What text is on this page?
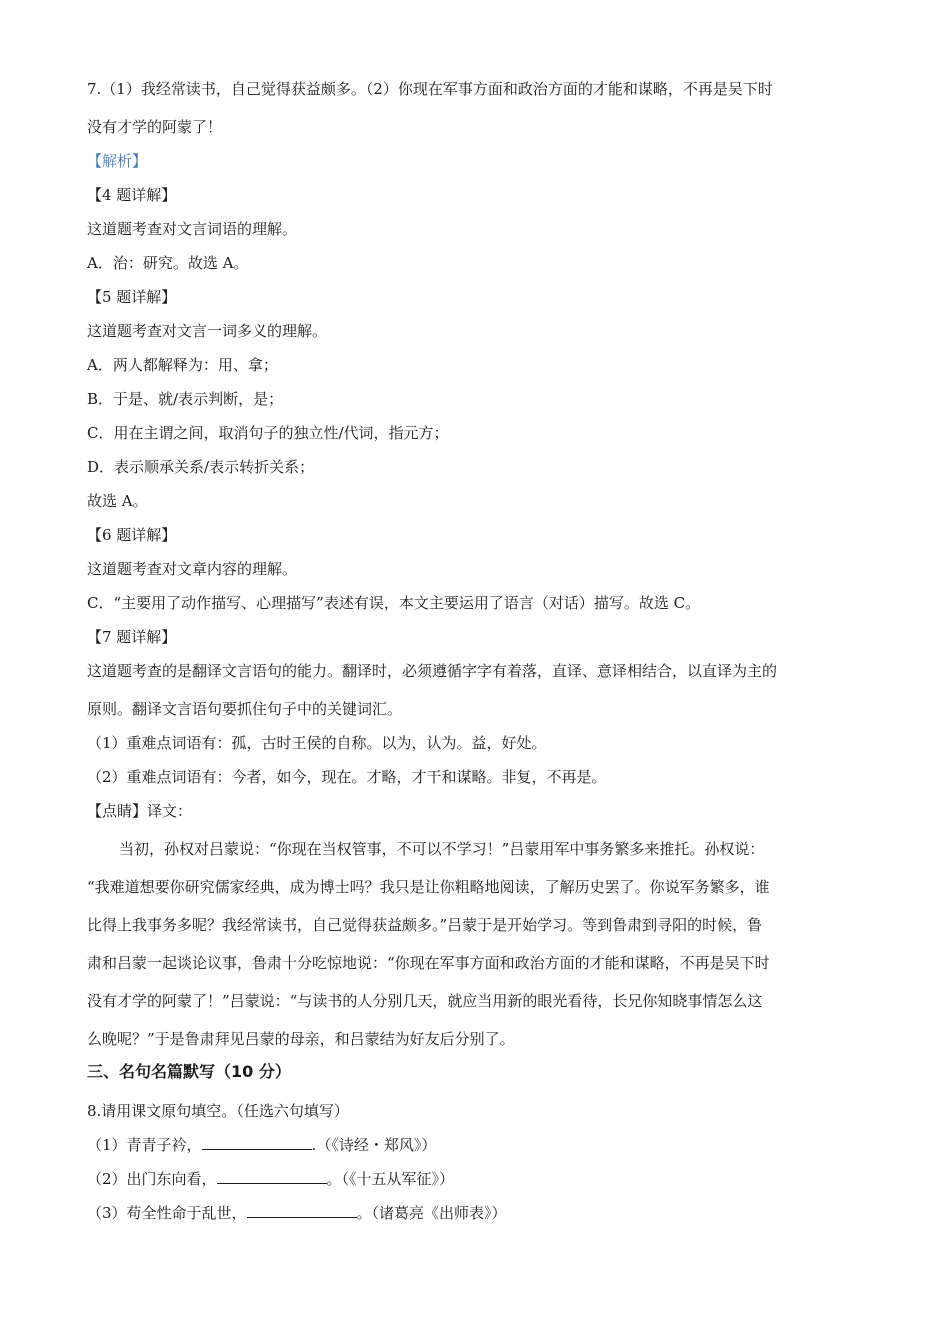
7.（1）我经常读书，自己觉得获益颇多。（2）你现在军事方面和政治方面的才能和谋略，不再是吴下时

没有才学的阿蒙了！

【解析】

【4 题详解】

这道题考查对文言词语的理解。

A．治：研究。故选 A。

【5 题详解】

这道题考查对文言一词多义的理解。

A．两人都解释为：用、拿；

B．于是、就/表示判断，是；

C．用在主谓之间，取消句子的独立性/代词，指元方；

D．表示顺承关系/表示转折关系；

故选 A。

【6 题详解】

这道题考查对文章内容的理解。

C．“主要用了动作描写、心理描写”表述有误，本文主要运用了语言（对话）描写。故选 C。

【7 题详解】

这道题考查的是翻译文言语句的能力。翻译时，必须遵循字字有着落，直译、意译相结合，以直译为主的

原则。翻译文言语句要抓住句子中的关键词汇。

（1）重难点词语有：孤，古时王侯的自称。以为，认为。益，好处。

（2）重难点词语有：今者，如今，现在。才略，才干和谋略。非复，不再是。

【点睛】译文：

当初，孙权对吕蒙说：“你现在当权管事，不可以不学习！”吕蒙用军中事务繁多来推托。孙权说：

“我难道想要你研究儒家经典，成为博士吗？我只是让你粗略地阅读，了解历史罢了。你说军务繁多，谁

比得上我事务多呢？我经常读书，自己觉得获益颇多。”吕蒙于是开始学习。等到鲁肃到寻阳的时候，鲁

肃和吕蒙一起谈论议事，鲁肃十分吃惊地说：“你现在军事方面和政治方面的才能和谋略，不再是吴下时

没有才学的阿蒙了！”吕蒙说：“与读书的人分别几天，就应当用新的眼光看待，长兄你知晓事情怎么这

么晚呢？”于是鲁肃拜见吕蒙的母亲，和吕蒙结为好友后分别了。

三、名句名篇默写（10 分）

8.请用课文原句填空。（任选六句填写）

（1）青青子衿，	.（《诗经・郑风》）

（2）出门东向看，	。（《十五从军征》）

（3）苟全性命于乱世，	。（诸葛亮《出师表》）
